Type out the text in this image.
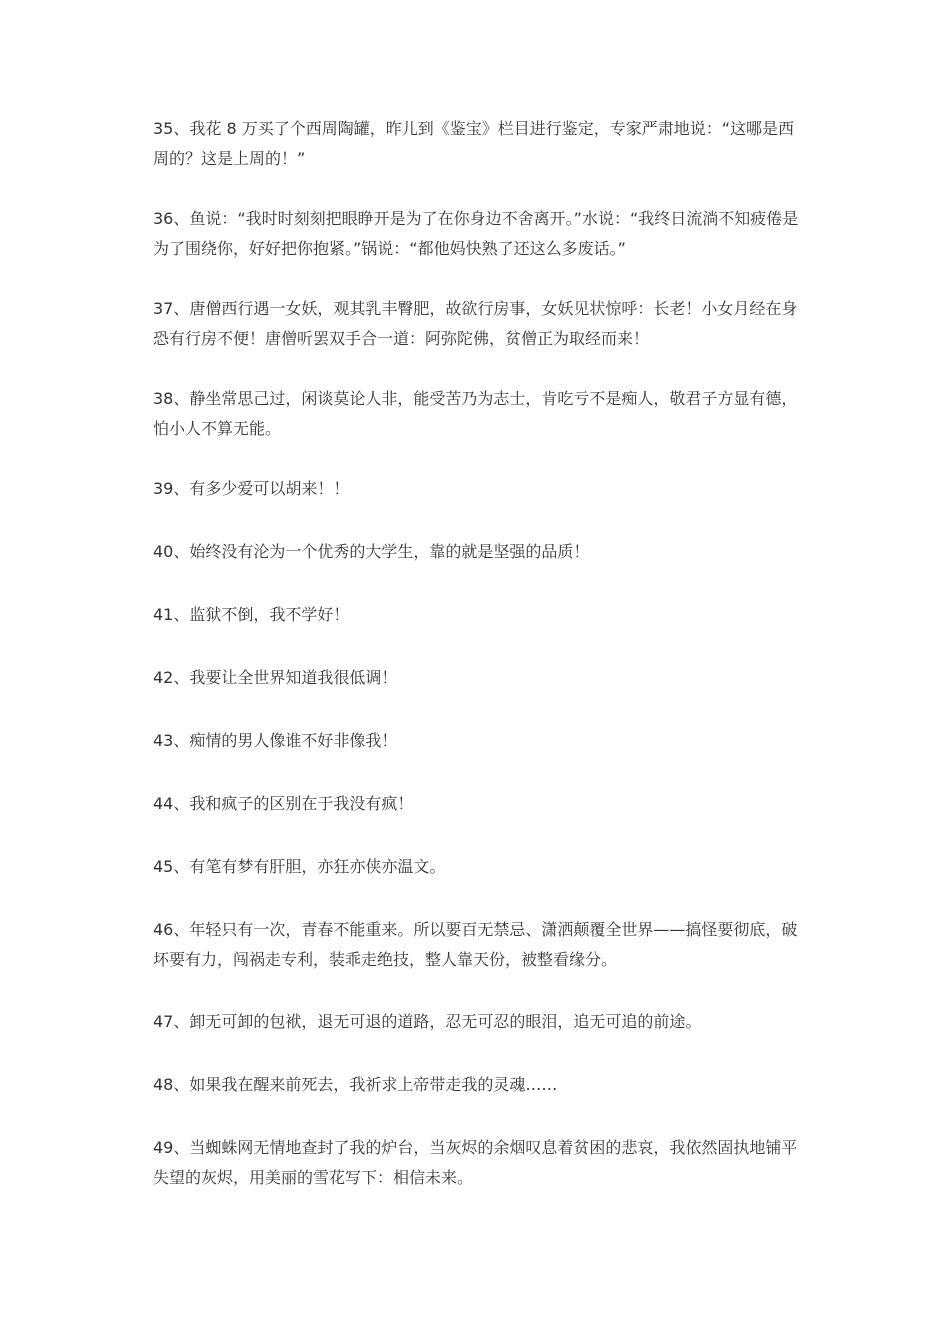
35、我花 8 万买了个西周陶罐，昨儿到《鉴宝》栏目进行鉴定，专家严肃地说：“这哪是西周的？这是上周的！”

36、鱼说：“我时时刻刻把眼睁开是为了在你身边不舍离开。”水说：“我终日流淌不知疲倦是为了围绕你，好好把你抱紧。”锅说：“都他妈快熟了还这么多废话。”

37、唐僧西行遇一女妖，观其乳丰臀肥，故欲行房事，女妖见状惊呼：长老！小女月经在身恐有行房不便！唐僧听罢双手合一道：阿弥陀佛，贫僧正为取经而来！

38、静坐常思己过，闲谈莫论人非，能受苦乃为志士，肯吃亏不是痴人，敬君子方显有德，怕小人不算无能。

39、有多少爱可以胡来！！

40、始终没有沦为一个优秀的大学生，靠的就是坚强的品质！

41、监狱不倒，我不学好！

42、我要让全世界知道我很低调！

43、痴情的男人像谁不好非像我！

44、我和疯子的区别在于我没有疯！

45、有笔有梦有肝胆，亦狂亦侠亦温文。

46、年轻只有一次，青春不能重来。所以要百无禁忌、潇洒颠覆全世界——搞怪要彻底，破坏要有力，闯祸走专利，装乖走绝技，整人靠天份，被整看缘分。

47、卸无可卸的包袱，退无可退的道路，忍无可忍的眼泪，追无可追的前途。

48、如果我在醒来前死去，我祈求上帝带走我的灵魂……

49、当蜘蛛网无情地查封了我的炉台，当灰烬的余烟叹息着贫困的悲哀，我依然固执地铺平失望的灰烬，用美丽的雪花写下：相信未来。
